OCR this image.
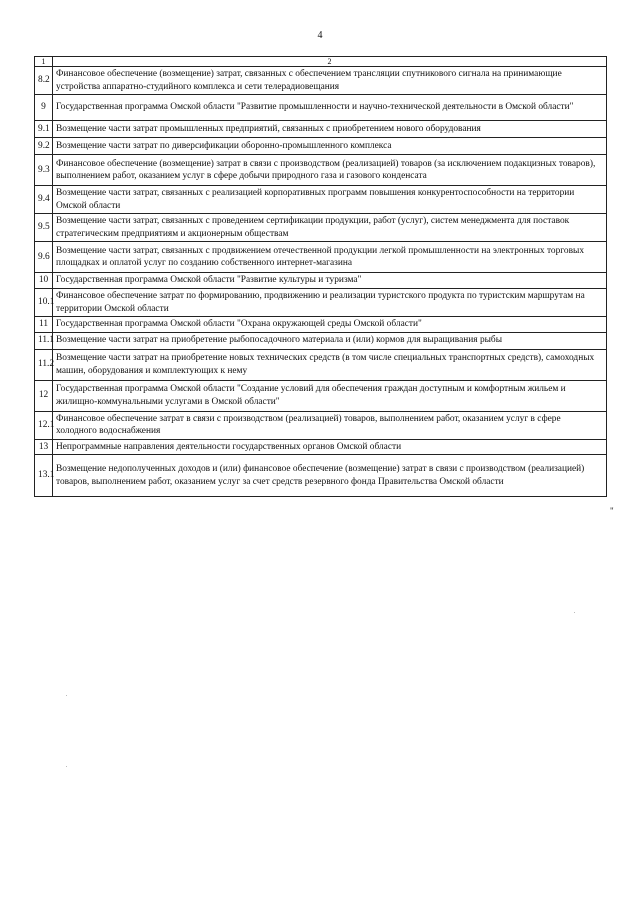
4
1	2
8.2	Финансовое обеспечение (возмещение) затрат, связанных с обеспечением трансляции спутникового сигнала на принимающие устройства аппаратно-студийного комплекса и сети телерадиовещания
9	Государственная программа Омской области "Развитие промышленности и научно-технической деятельности в Омской области"
9.1	Возмещение части затрат промышленных предприятий, связанных с приобретением нового оборудования
9.2	Возмещение части затрат по диверсификации оборонно-промышленного комплекса
9.3	Финансовое обеспечение (возмещение) затрат в связи с производством (реализацией) товаров (за исключением подакцизных товаров), выполнением работ, оказанием услуг в сфере добычи природного газа и газового конденсата
9.4	Возмещение части затрат, связанных с реализацией корпоративных программ повышения конкурентоспособности на территории Омской области
9.5	Возмещение части затрат, связанных с проведением сертификации продукции, работ (услуг), систем менеджмента для поставок стратегическим предприятиям и акционерным обществам
9.6	Возмещение части затрат, связанных с продвижением отечественной продукции легкой промышленности на электронных торговых площадках и оплатой услуг по созданию собственного интернет-магазина
10	Государственная программа Омской области "Развитие культуры и туризма"
10.1	Финансовое обеспечение затрат по формированию, продвижению и реализации туристского продукта по туристским маршрутам на территории Омской области
11	Государственная программа Омской области "Охрана окружающей среды Омской области"
11.1	Возмещение части затрат на приобретение рыбопосадочного материала и (или) кормов для выращивания рыбы
11.2	Возмещение части затрат на приобретение новых технических средств (в том числе специальных транспортных средств), самоходных машин, оборудования и комплектующих к нему
12	Государственная программа Омской области "Создание условий для обеспечения граждан доступным и комфортным жильем и жилищно-коммунальными услугами в Омской области"
12.1	Финансовое обеспечение затрат в связи с производством (реализацией) товаров, выполнением работ, оказанием услуг в сфере холодного водоснабжения
13	Непрограммные направления деятельности государственных органов Омской области
13.1	Возмещение недополученных доходов и (или) финансовое обеспечение (возмещение) затрат в связи с производством (реализацией) товаров, выполнением работ, оказанием услуг за счет средств резервного фонда Правительства Омской области
"
